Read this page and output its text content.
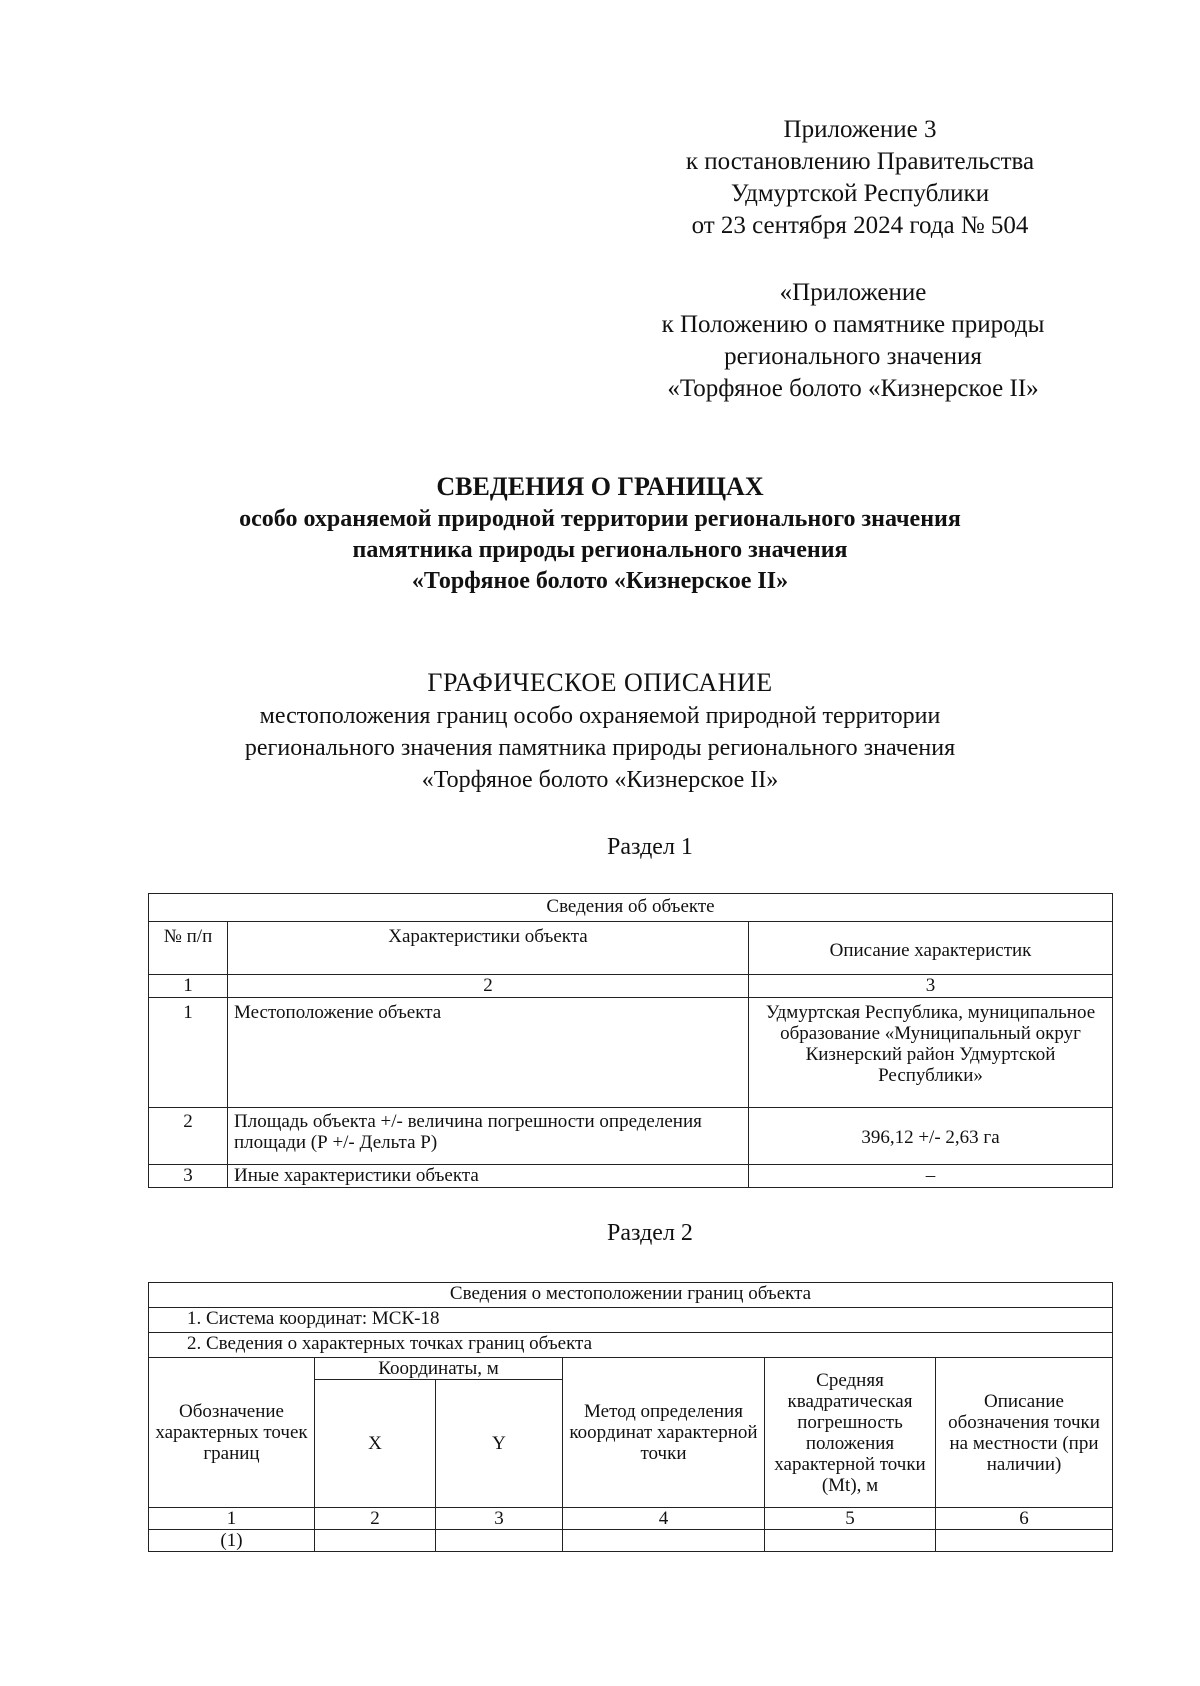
Приложение 3
к постановлению Правительства
Удмуртской Республики
от 23 сентября 2024 года № 504
«Приложение
к Положению о памятнике природы
регионального значения
«Торфяное болото «Кизнерское II»
СВЕДЕНИЯ О ГРАНИЦАХ
особо охраняемой природной территории регионального значения
памятника природы регионального значения
«Торфяное болото «Кизнерское II»
ГРАФИЧЕСКОЕ ОПИСАНИЕ
местоположения границ особо охраняемой природной территории
регионального значения памятника природы регионального значения
«Торфяное болото «Кизнерское II»
Раздел 1
Сведения об объекте		
№ п/п	Характеристики объекта	Описание характеристик
1	2	3
1	Местоположение объекта	Удмуртская Республика, муниципальное образование «Муниципальный округ Кизнерский район Удмуртской Республики»
2	Площадь объекта +/- величина погрешности определения площади (Р +/- Дельта Р)	396,12 +/- 2,63 га
3	Иные характеристики объекта	–
Раздел 2
Сведения о местоположении границ объекта					
1. Система координат: МСК-18					
2. Сведения о характерных точках границ объекта					
Обозначение характерных точек границ	Координаты, м		Метод определения координат характерной точки	Средняя квадратическая погрешность положения характерной точки (Mt), м	Описание обозначения точки на местности (при наличии)
	X	Y			
1	2	3	4	5	6
(1)					
